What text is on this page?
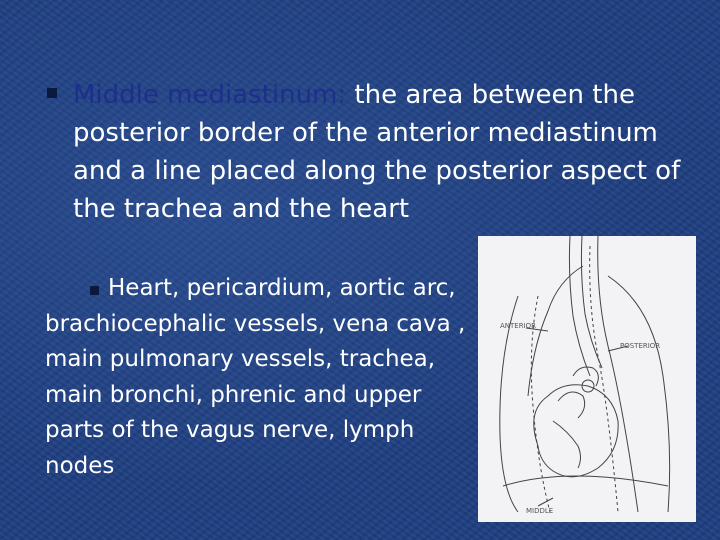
Middle mediastinum: the area between the posterior border of the anterior mediastinum and a line placed along the posterior aspect of the trachea and the heart
Heart, pericardium, aortic arc, brachiocephalic vessels, vena cava , main pulmonary vessels, trachea, main bronchi, phrenic and upper parts of the vagus nerve, lymph nodes
ANTERIOR
POSTERIOR
MIDDLE
